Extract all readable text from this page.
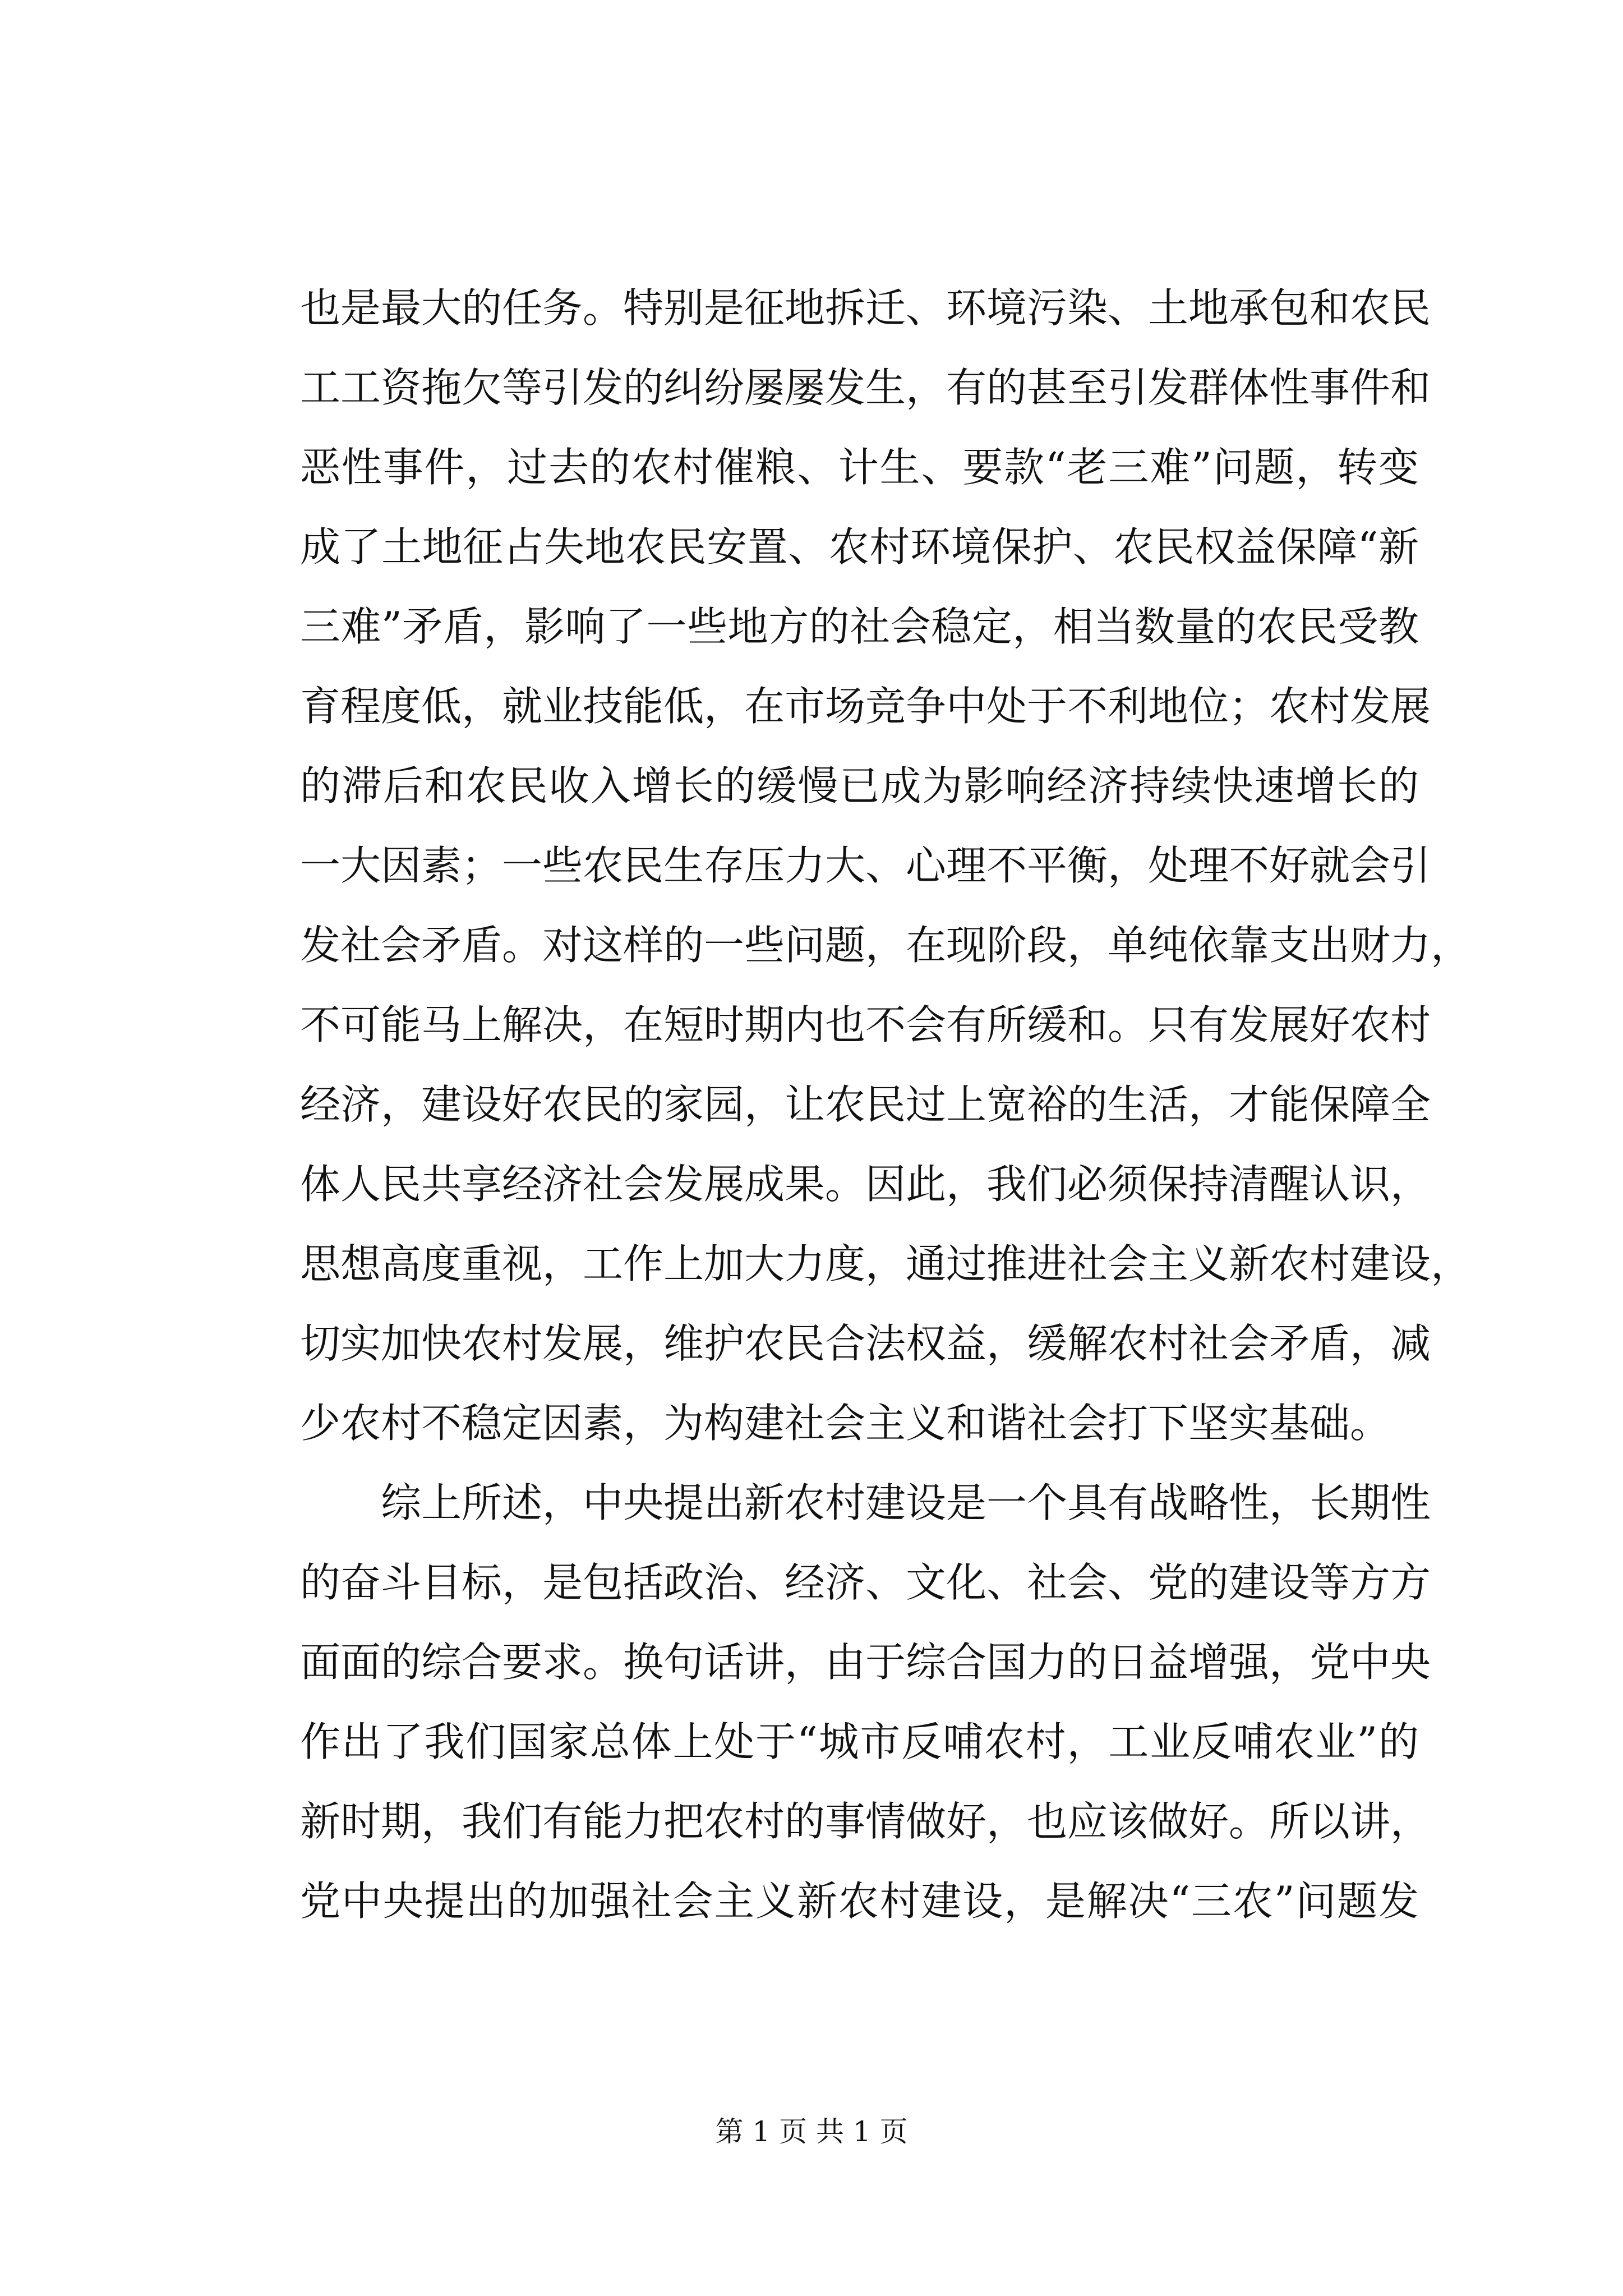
也是最大的任务。特别是征地拆迁、环境污染、土地承包和农民
工工资拖欠等引发的纠纷屡屡发生，有的甚至引发群体性事件和
恶性事件，过去的农村催粮、计生、要款“老三难”问题，转变
成了土地征占失地农民安置、农村环境保护、农民权益保障“新
三难”矛盾，影响了一些地方的社会稳定，相当数量的农民受教
育程度低，就业技能低，在市场竞争中处于不利地位；农村发展
的滞后和农民收入增长的缓慢已成为影响经济持续快速增长的
一大因素；一些农民生存压力大、心理不平衡，处理不好就会引
发社会矛盾。对这样的一些问题，在现阶段，单纯依靠支出财力，
不可能马上解决，在短时期内也不会有所缓和。只有发展好农村
经济，建设好农民的家园，让农民过上宽裕的生活，才能保障全
体人民共享经济社会发展成果。因此，我们必须保持清醒认识，
思想高度重视，工作上加大力度，通过推进社会主义新农村建设，
切实加快农村发展，维护农民合法权益，缓解农村社会矛盾，减
少农村不稳定因素，为构建社会主义和谐社会打下坚实基础。
综上所述，中央提出新农村建设是一个具有战略性，长期性
的奋斗目标，是包括政治、经济、文化、社会、党的建设等方方
面面的综合要求。换句话讲，由于综合国力的日益增强，党中央
作出了我们国家总体上处于“城市反哺农村，工业反哺农业”的
新时期，我们有能力把农村的事情做好，也应该做好。所以讲，
党中央提出的加强社会主义新农村建设，是解决“三农”问题发
第 1 页 共 1 页
